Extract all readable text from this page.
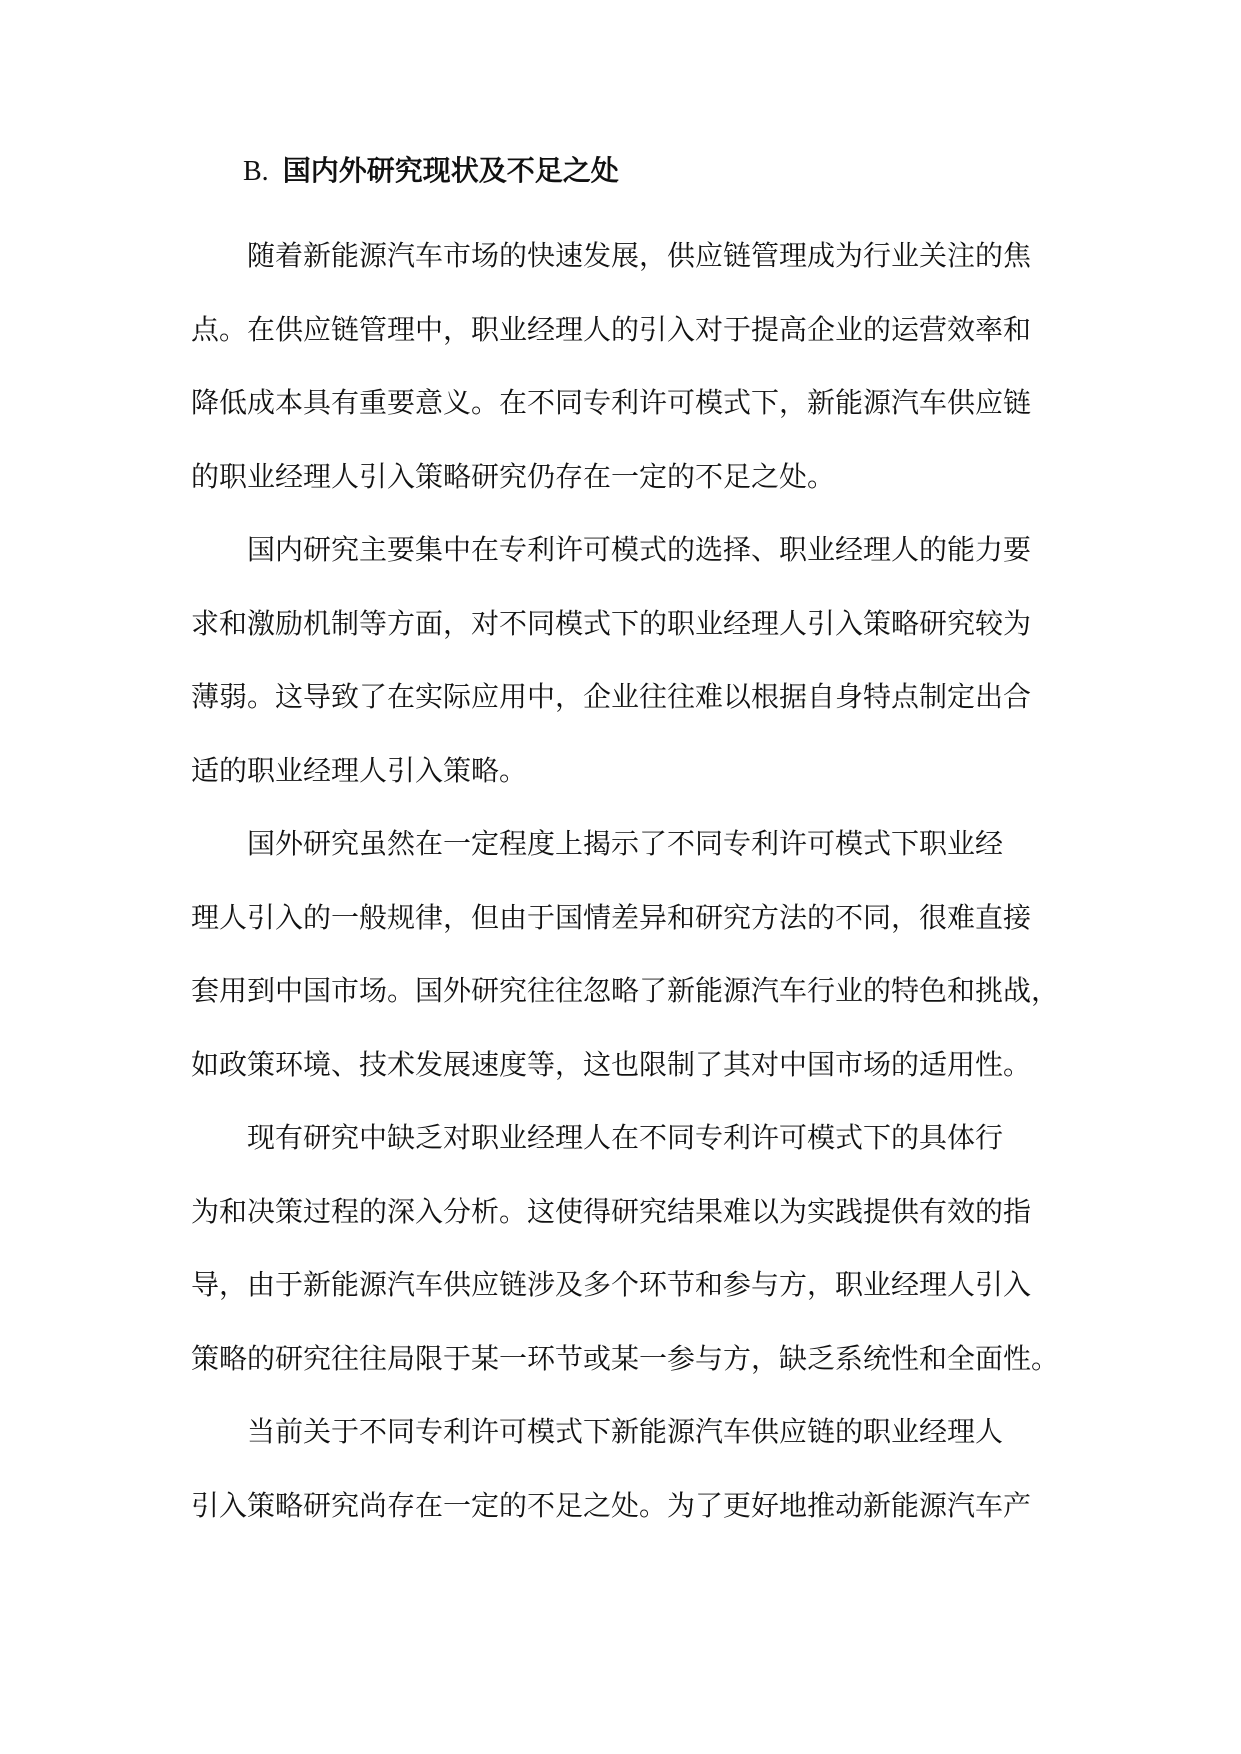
B. 国内外研究现状及不足之处
随着新能源汽车市场的快速发展，供应链管理成为行业关注的焦
点。在供应链管理中，职业经理人的引入对于提高企业的运营效率和
降低成本具有重要意义。在不同专利许可模式下，新能源汽车供应链
的职业经理人引入策略研究仍存在一定的不足之处。
国内研究主要集中在专利许可模式的选择、职业经理人的能力要
求和激励机制等方面，对不同模式下的职业经理人引入策略研究较为
薄弱。这导致了在实际应用中，企业往往难以根据自身特点制定出合
适的职业经理人引入策略。
国外研究虽然在一定程度上揭示了不同专利许可模式下职业经
理人引入的一般规律，但由于国情差异和研究方法的不同，很难直接
套用到中国市场。国外研究往往忽略了新能源汽车行业的特色和挑战，
如政策环境、技术发展速度等，这也限制了其对中国市场的适用性。
现有研究中缺乏对职业经理人在不同专利许可模式下的具体行
为和决策过程的深入分析。这使得研究结果难以为实践提供有效的指
导，由于新能源汽车供应链涉及多个环节和参与方，职业经理人引入
策略的研究往往局限于某一环节或某一参与方，缺乏系统性和全面性。
当前关于不同专利许可模式下新能源汽车供应链的职业经理人
引入策略研究尚存在一定的不足之处。为了更好地推动新能源汽车产
